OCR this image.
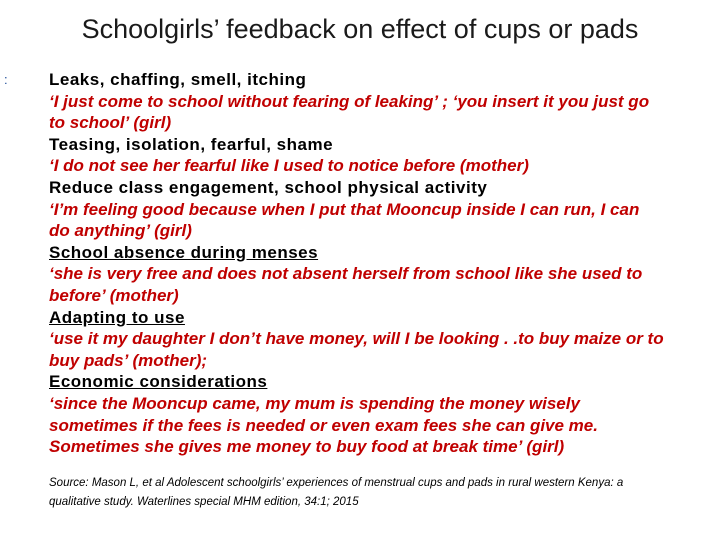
Schoolgirls’ feedback on effect of cups or pads
: Leaks, chaffing, smell, itching
‘I just come to school without fearing of leaking’ ; ‘you insert it you just go
to school’ (girl)
Teasing, isolation, fearful, shame
‘I do not see her fearful like I used to notice before (mother)
Reduce class engagement, school physical activity
‘I’m feeling good because when I put that Mooncup inside I can run, I can
do anything’ (girl)
School absence during menses
‘she is very free and does not absent herself from school like she used to
before’ (mother)
Adapting to use
‘use it my daughter I don’t have money, will I be looking . .to buy maize or to
buy pads’ (mother);
Economic considerations
‘since the Mooncup came, my mum is spending the money wisely
sometimes if the fees is needed or even exam fees she can give me.
Sometimes she gives me money to buy food at break time’ (girl)
Source: Mason L, et al Adolescent schoolgirls’ experiences of menstrual cups and pads in rural western Kenya: a
qualitative study. Waterlines special MHM edition, 34:1; 2015
